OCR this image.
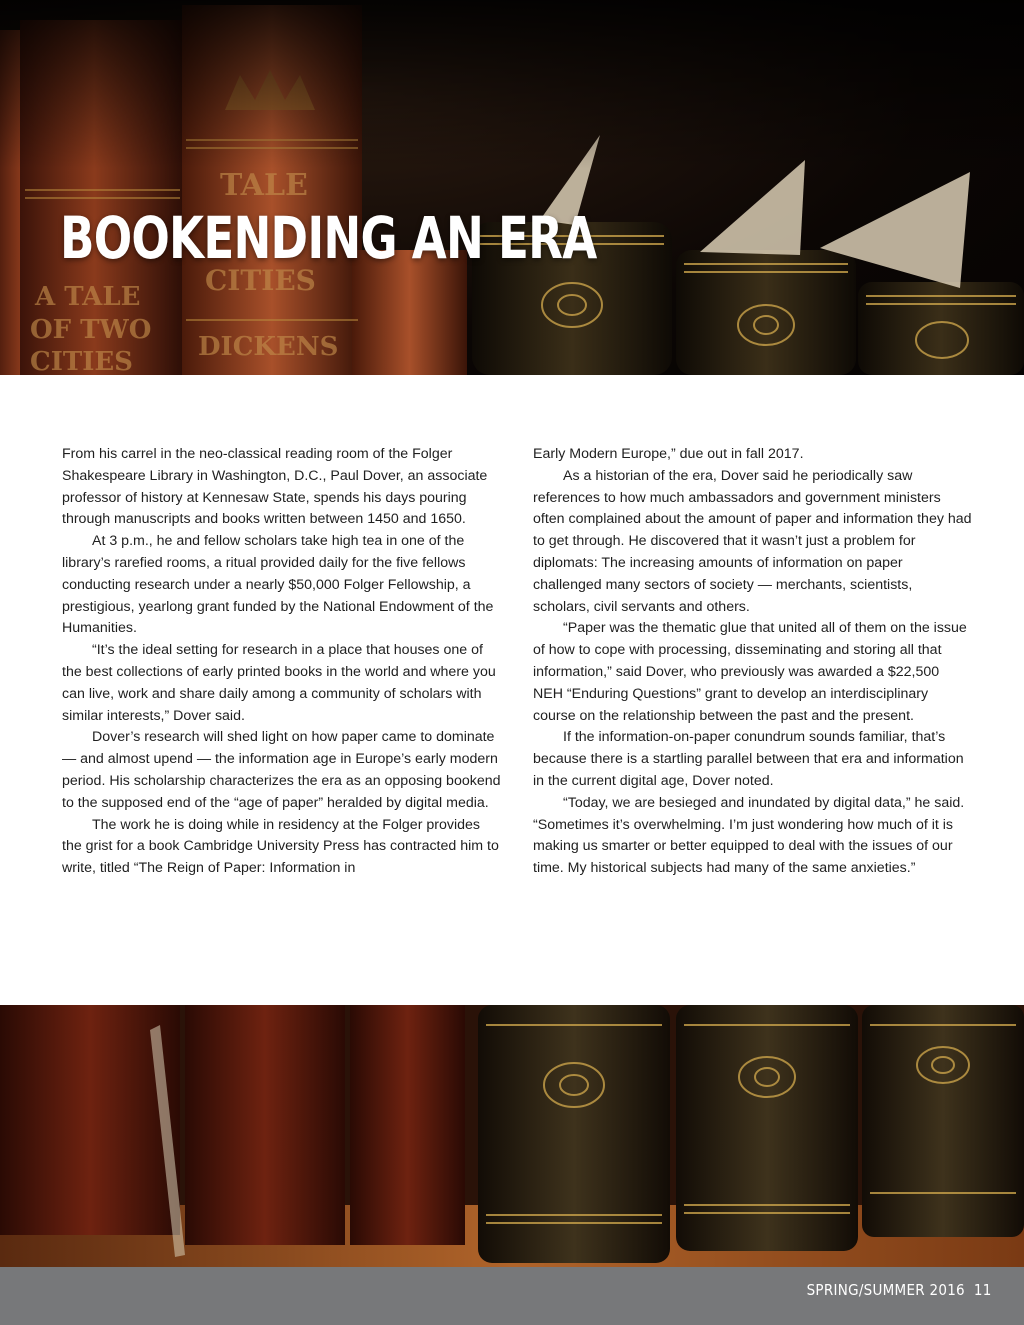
BOOKENDING AN ERA

From his carrel in the neo-classical reading room of the Folger Shakespeare Library in Washington, D.C., Paul Dover, an associate professor of history at Kennesaw State, spends his days pouring through manuscripts and books written between 1450 and 1650.

At 3 p.m., he and fellow scholars take high tea in one of the library’s rarefied rooms, a ritual provided daily for the five fellows conducting research under a nearly $50,000 Folger Fellowship, a prestigious, yearlong grant funded by the National Endowment of the Humanities.

“It’s the ideal setting for research in a place that houses one of the best collections of early printed books in the world and where you can live, work and share daily among a community of scholars with similar interests,” Dover said.

Dover’s research will shed light on how paper came to dominate — and almost upend — the information age in Europe’s early modern period. His scholarship characterizes the era as an opposing bookend to the supposed end of the “age of paper” heralded by digital media.

The work he is doing while in residency at the Folger provides the grist for a book Cambridge University Press has contracted him to write, titled “The Reign of Paper: Information in

Early Modern Europe,” due out in fall 2017.

As a historian of the era, Dover said he periodically saw references to how much ambassadors and government ministers often complained about the amount of paper and information they had to get through. He discovered that it wasn’t just a problem for diplomats: The increasing amounts of information on paper challenged many sectors of society — merchants, scientists, scholars, civil servants and others.

“Paper was the thematic glue that united all of them on the issue of how to cope with processing, disseminating and storing all that information,” said Dover, who previously was awarded a $22,500 NEH “Enduring Questions” grant to develop an interdisciplinary course on the relationship between the past and the present.

If the information-on-paper conundrum sounds familiar, that’s because there is a startling parallel between that era and information in the current digital age, Dover noted.

“Today, we are besieged and inundated by digital data,” he said. “Sometimes it’s overwhelming. I’m just wondering how much of it is making us smarter or better equipped to deal with the issues of our time. My historical subjects had many of the same anxieties.”

SPRING/SUMMER 2016 11
